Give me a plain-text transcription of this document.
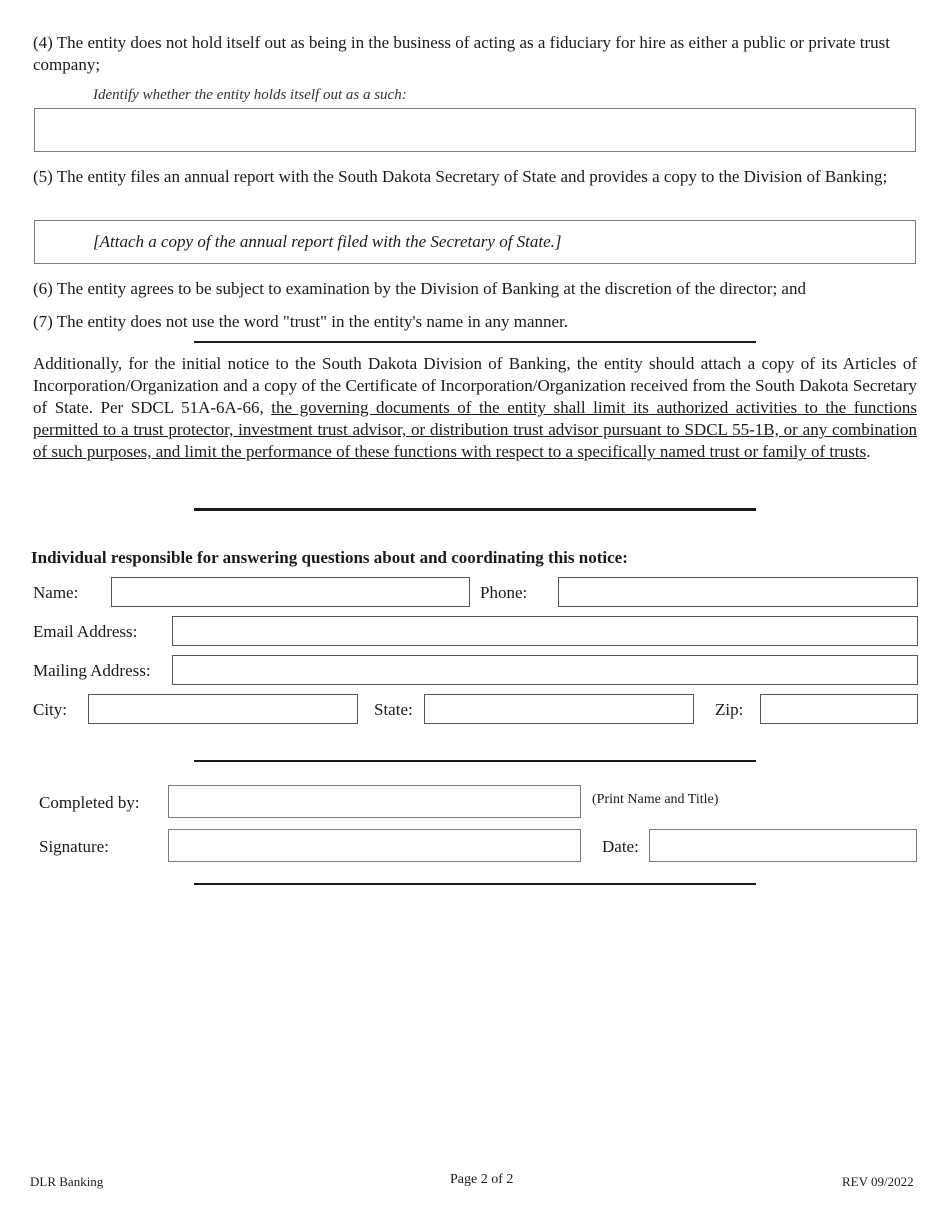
(4) The entity does not hold itself out as being in the business of acting as a fiduciary for hire as either a public or private trust company;
Identify whether the entity holds itself out as a such:
(5) The entity files an annual report with the South Dakota Secretary of State and provides a copy to the Division of Banking;
[Attach a copy of the annual report filed with the Secretary of State.]
(6) The entity agrees to be subject to examination by the Division of Banking at the discretion of the director; and
(7) The entity does not use the word "trust" in the entity's name in any manner.
Additionally, for the initial notice to the South Dakota Division of Banking, the entity should attach a copy of its Articles of Incorporation/Organization and a copy of the Certificate of Incorporation/Organization received from the South Dakota Secretary of State. Per SDCL 51A-6A-66, the governing documents of the entity shall limit its authorized activities to the functions permitted to a trust protector, investment trust advisor, or distribution trust advisor pursuant to SDCL 55-1B, or any combination of such purposes, and limit the performance of these functions with respect to a specifically named trust or family of trusts.
Individual responsible for answering questions about and coordinating this notice:
Name:	Phone:
Email Address:
Mailing Address:
City:	State:	Zip:
Completed by:	(Print Name and Title)
Signature:	Date:
DLR Banking	Page 2 of 2	REV 09/2022
